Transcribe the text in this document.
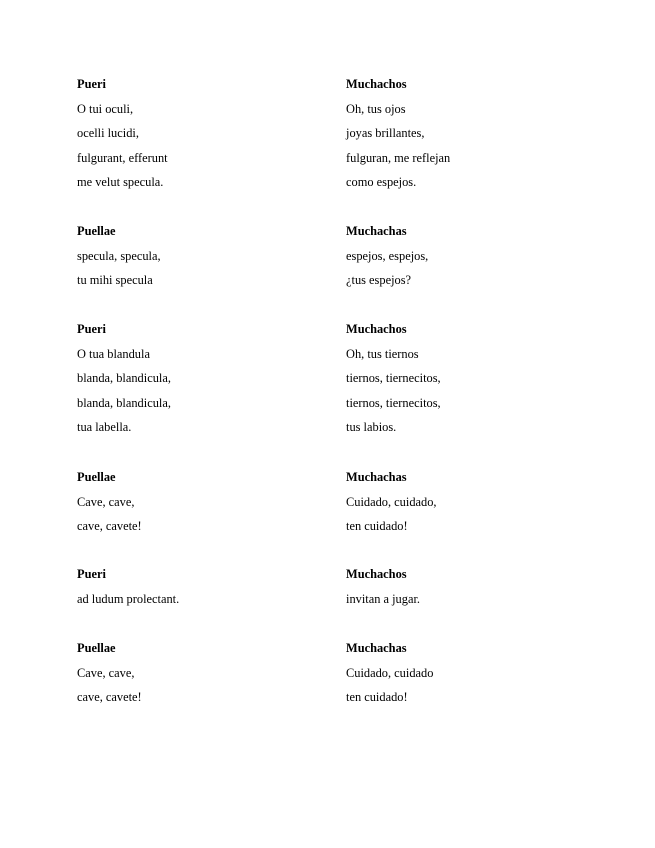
Pueri
O tui oculi,
ocelli lucidi,
fulgurant, efferunt
me velut specula.
Muchachos
Oh, tus ojos
joyas brillantes,
fulguran, me reflejan
como espejos.
Puellae
specula, specula,
tu mihi specula
Muchachas
espejos, espejos,
¿tus espejos?
Pueri
O tua blandula
blanda, blandicula,
blanda, blandicula,
tua labella.
Muchachos
Oh, tus tiernos
tiernos, tiernecitos,
tiernos, tiernecitos,
tus labios.
Puellae
Cave, cave,
cave, cavete!
Muchachas
Cuidado, cuidado,
ten cuidado!
Pueri
ad ludum prolectant.
Muchachos
invitan a jugar.
Puellae
Cave, cave,
cave, cavete!
Muchachas
Cuidado, cuidado
ten cuidado!
